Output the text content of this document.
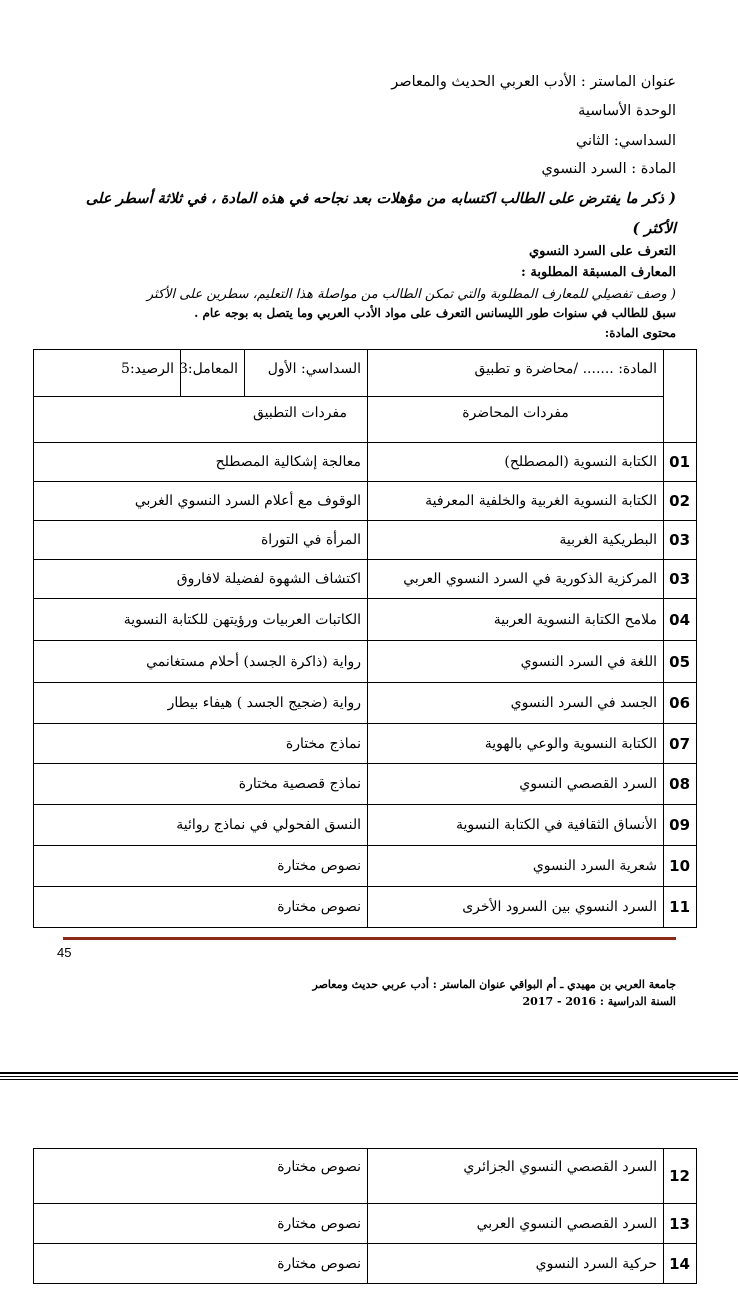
عنوان الماستر : الأدب العربي الحديث والمعاصر
الوحدة الأساسية
السداسي: الثاني
المادة : السرد النسوي
( ذكر ما يفترض على الطالب اكتسابه من مؤهلات بعد نجاحه في هذه المادة ، في ثلاثة أسطر على
الأكثر )
التعرف على السرد النسوي
المعارف المسبقة المطلوبة :
( وصف تفصيلي للمعارف المطلوبة والتي تمكن الطالب من مواصلة هذا التعليم، سطرين على الأكثر
سبق للطالب في سنوات طور الليسانس التعرف على مواد الأدب العربي وما يتصل به بوجه عام .
محتوى المادة:
	المادة: ....... /محاضرة و تطبيق	السداسي: الأول	المعامل:3	الرصيد:5
	مفردات المحاضرة	مفردات التطبيق		
01	الكتابة النسوية (المصطلح)	معالجة إشكالية المصطلح		
02	الكتابة النسوية الغربية والخلفية المعرفية	الوقوف مع أعلام السرد النسوي الغربي		
03	البطريكية الغربية	المرأة في التوراة		
03	المركزية الذكورية في السرد النسوي العربي	اكتشاف الشهوة لفضيلة لافاروق		
04	ملامح الكتابة النسوية العربية	الكاتبات العربيات ورؤيتهن للكتابة النسوية		
05	اللغة في السرد النسوي	رواية (ذاكرة الجسد) أحلام مستغانمي		
06	الجسد في السرد النسوي	رواية (ضجيج الجسد ) هيفاء بيطار		
07	الكتابة النسوية والوعي بالهوية	نماذج مختارة		
08	السرد القصصي النسوي	نماذج قصصية مختارة		
09	الأنساق الثقافية في الكتابة النسوية	النسق الفحولي في نماذج روائية		
10	شعرية السرد النسوي	نصوص مختارة		
11	السرد النسوي بين السرود الأخرى	نصوص مختارة		
45
جامعة العربي بن مهيدي ـ أم البواقي عنوان الماستر : أدب عربي حديث ومعاصر
السنة الدراسية : 2016 - 2017
12	السرد القصصي النسوي الجزائري	نصوص مختارة
13	السرد القصصي النسوي العربي	نصوص مختارة
14	حركية السرد النسوي	نصوص مختارة
